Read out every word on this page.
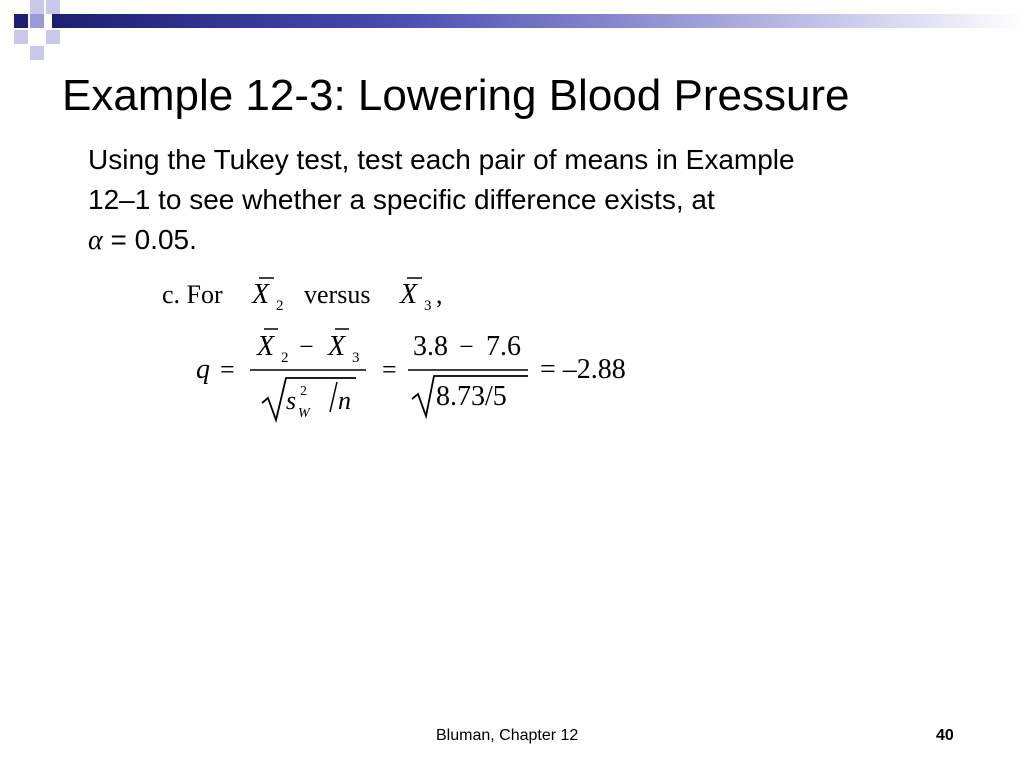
Example 12-3: Lowering Blood Pressure
Using the Tukey test, test each pair of means in Example
12–1 to see whether a specific difference exists, at
α = 0.05.
c. For X 2 versus X 3 ,
q =
X 2 − X 3
s 2
W n
=
3.8 − 7.6
8.73/5
= –2.88
Bluman, Chapter 12	40
